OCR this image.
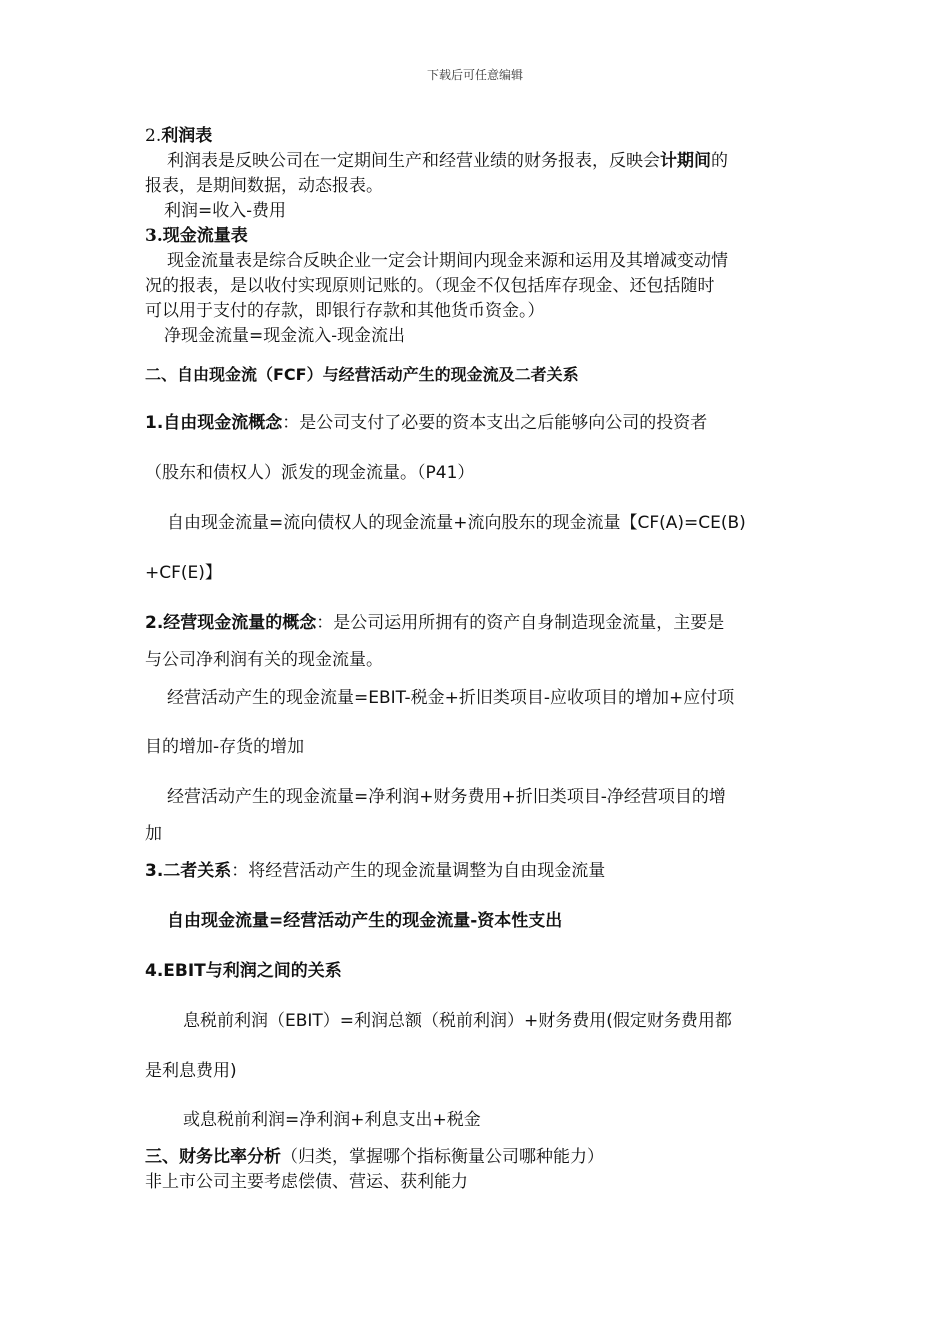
下载后可任意编辑
2.利润表
利润表是反映公司在一定期间生产和经营业绩的财务报表，反映会计期间的
报表，是期间数据，动态报表。
利润=收入-费用
3.现金流量表
现金流量表是综合反映企业一定会计期间内现金来源和运用及其增减变动情
况的报表，是以收付实现原则记账的。（现金不仅包括库存现金、还包括随时
可以用于支付的存款，即银行存款和其他货币资金。）
净现金流量=现金流入-现金流出
二、自由现金流（FCF）与经营活动产生的现金流及二者关系
1.自由现金流概念：是公司支付了必要的资本支出之后能够向公司的投资者
（股东和债权人）派发的现金流量。（P41）
自由现金流量=流向债权人的现金流量+流向股东的现金流量【CF(A)=CE(B)
+CF(E)】
2.经营现金流量的概念：是公司运用所拥有的资产自身制造现金流量，主要是
与公司净利润有关的现金流量。
经营活动产生的现金流量=EBIT-税金+折旧类项目-应收项目的增加+应付项
目的增加-存货的增加
经营活动产生的现金流量=净利润+财务费用+折旧类项目-净经营项目的增
加
3.二者关系：将经营活动产生的现金流量调整为自由现金流量
自由现金流量=经营活动产生的现金流量-资本性支出
4.EBIT与利润之间的关系
息税前利润（EBIT）=利润总额（税前利润）+财务费用(假定财务费用都
是利息费用)
或息税前利润=净利润+利息支出+税金
三、财务比率分析（归类，掌握哪个指标衡量公司哪种能力）
非上市公司主要考虑偿债、营运、获利能力
